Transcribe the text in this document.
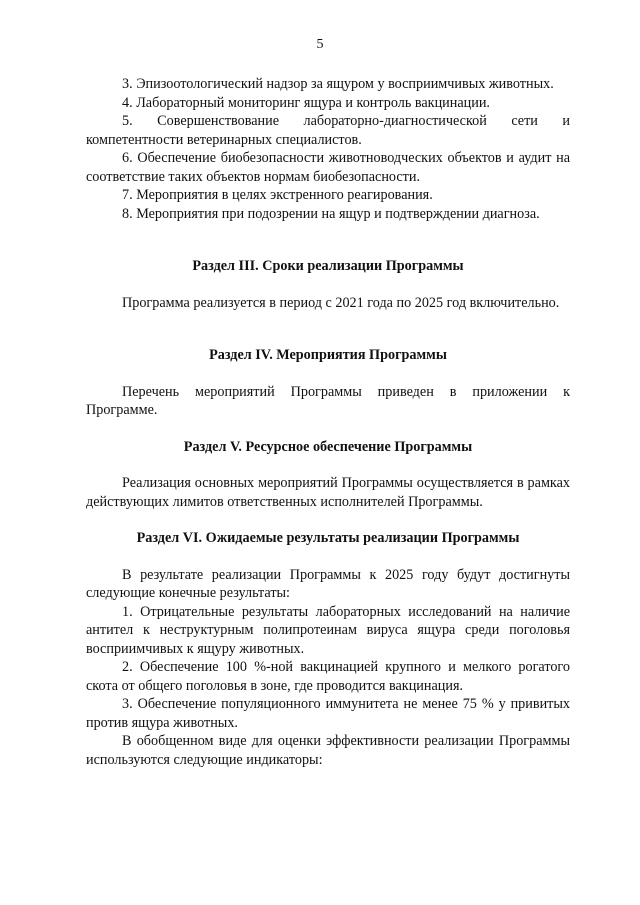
5

3. Эпизоотологический надзор за ящуром у восприимчивых животных.

4. Лабораторный мониторинг ящура и контроль вакцинации.

5. Совершенствование лабораторно-диагностической сети и компетентности ветеринарных специалистов.

6. Обеспечение биобезопасности животноводческих объектов и аудит на соответствие таких объектов нормам биобезопасности.

7. Мероприятия в целях экстренного реагирования.

8. Мероприятия при подозрении на ящур и подтверждении диагноза.

Раздел III. Сроки реализации Программы

Программа реализуется в период с 2021 года по 2025 год включительно.

Раздел IV. Мероприятия Программы

Перечень мероприятий Программы приведен в приложении к Программе.

Раздел V. Ресурсное обеспечение Программы

Реализация основных мероприятий Программы осуществляется в рамках действующих лимитов ответственных исполнителей Программы.

Раздел VI. Ожидаемые результаты реализации Программы

В результате реализации Программы к 2025 году будут достигнуты следующие конечные результаты:

1. Отрицательные результаты лабораторных исследований на наличие антител к неструктурным полипротеинам вируса ящура среди поголовья восприимчивых к ящуру животных.

2. Обеспечение 100 %-ной вакцинацией крупного и мелкого рогатого скота от общего поголовья в зоне, где проводится вакцинация.

3. Обеспечение популяционного иммунитета не менее 75 % у привитых против ящура животных.

В обобщенном виде для оценки эффективности реализации Программы используются следующие индикаторы:
